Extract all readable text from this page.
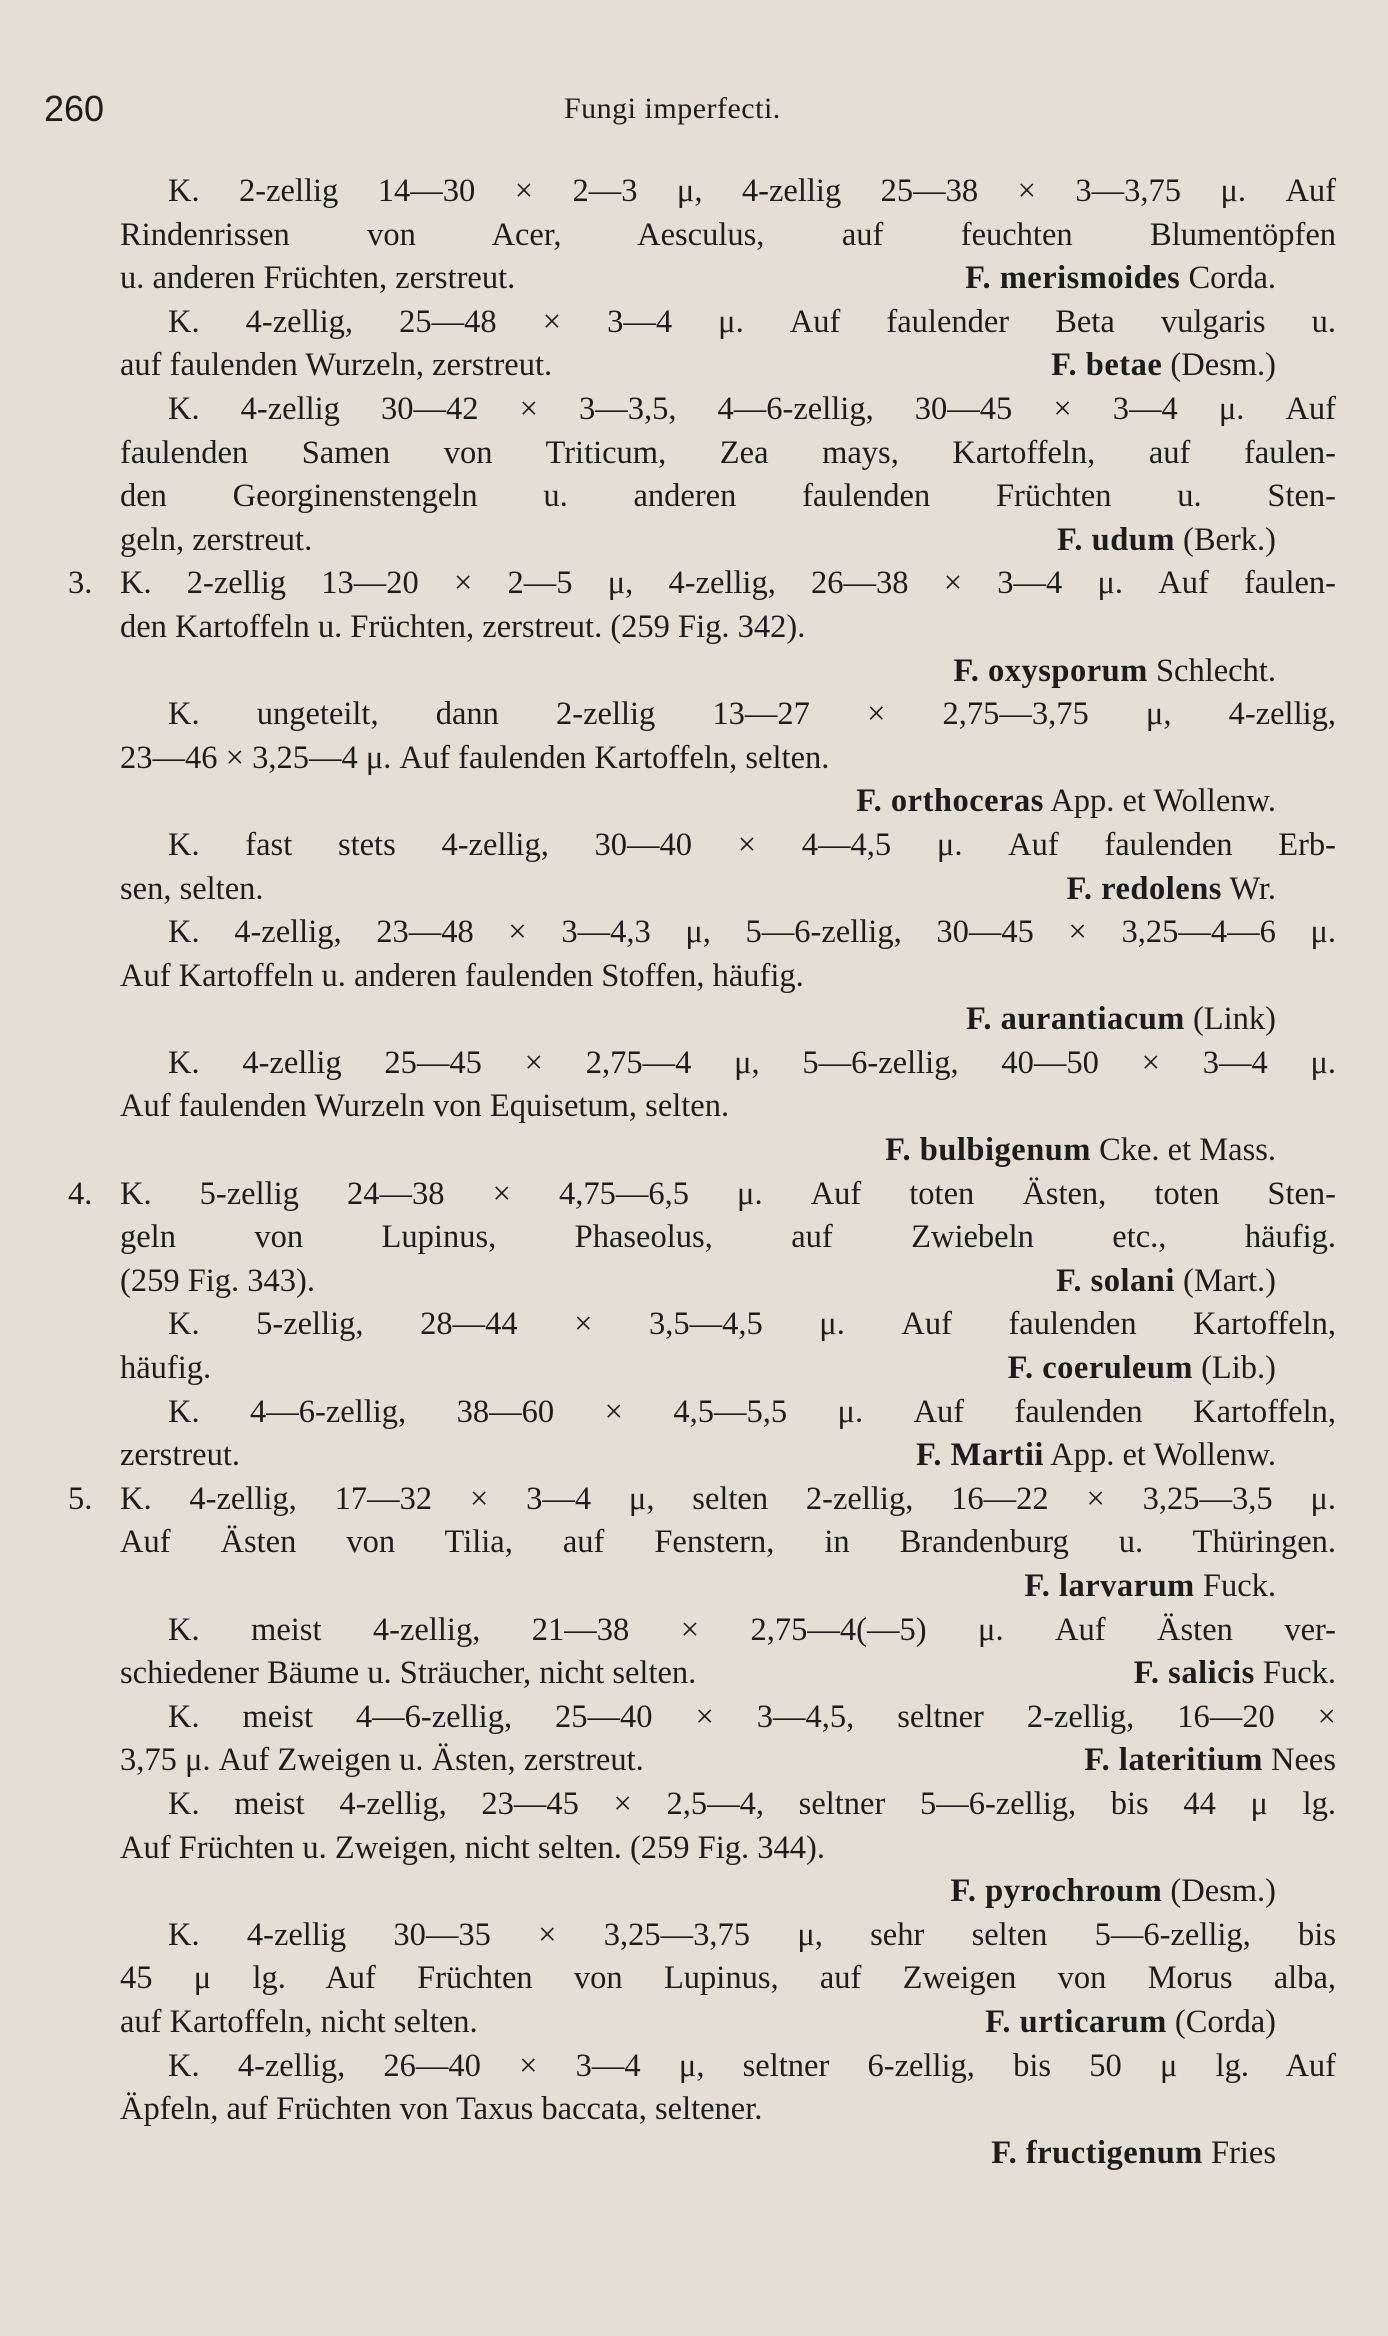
260	Fungi imperfecti.
K. 2-zellig 14—30 × 2—3 μ, 4-zellig 25—38 × 3—3,75 μ. Auf
Rindenrissen von Acer, Aesculus, auf feuchten Blumentöpfen
u. anderen Früchten, zerstreut.	F. merismoides Corda.
K. 4-zellig, 25—48 × 3—4 μ. Auf faulender Beta vulgaris u.
auf faulenden Wurzeln, zerstreut.	F. betae (Desm.)
K. 4-zellig 30—42 × 3—3,5, 4—6-zellig, 30—45 × 3—4 μ. Auf
faulenden Samen von Triticum, Zea mays, Kartoffeln, auf faulen-
den Georginenstengeln u. anderen faulenden Früchten u. Sten-
geln, zerstreut.	F. udum (Berk.)
3. K. 2-zellig 13—20 × 2—5 μ, 4-zellig, 26—38 × 3—4 μ. Auf faulen-
den Kartoffeln u. Früchten, zerstreut. (259 Fig. 342).
F. oxysporum Schlecht.
K. ungeteilt, dann 2-zellig 13—27 × 2,75—3,75 μ, 4-zellig,
23—46 × 3,25—4 μ. Auf faulenden Kartoffeln, selten.
F. orthoceras App. et Wollenw.
K. fast stets 4-zellig, 30—40 × 4—4,5 μ. Auf faulenden Erb-
sen, selten.	F. redolens Wr.
K. 4-zellig, 23—48 × 3—4,3 μ, 5—6-zellig, 30—45 × 3,25—4—6 μ.
Auf Kartoffeln u. anderen faulenden Stoffen, häufig.
F. aurantiacum (Link)
K. 4-zellig 25—45 × 2,75—4 μ, 5—6-zellig, 40—50 × 3—4 μ.
Auf faulenden Wurzeln von Equisetum, selten.
F. bulbigenum Cke. et Mass.
4. K. 5-zellig 24—38 × 4,75—6,5 μ. Auf toten Ästen, toten Sten-
geln von Lupinus, Phaseolus, auf Zwiebeln etc., häufig.
(259 Fig. 343).	F. solani (Mart.)
K. 5-zellig, 28—44 × 3,5—4,5 μ. Auf faulenden Kartoffeln,
häufig.	F. coeruleum (Lib.)
K. 4—6-zellig, 38—60 × 4,5—5,5 μ. Auf faulenden Kartoffeln,
zerstreut.	F. Martii App. et Wollenw.
5. K. 4-zellig, 17—32 × 3—4 μ, selten 2-zellig, 16—22 × 3,25—3,5 μ.
Auf Ästen von Tilia, auf Fenstern, in Brandenburg u. Thüringen.
F. larvarum Fuck.
K. meist 4-zellig, 21—38 × 2,75—4(—5) μ. Auf Ästen ver-
schiedener Bäume u. Sträucher, nicht selten.	F. salicis Fuck.
K. meist 4—6-zellig, 25—40 × 3—4,5, seltner 2-zellig, 16—20 ×
3,75 μ. Auf Zweigen u. Ästen, zerstreut.	F. lateritium Nees
K. meist 4-zellig, 23—45 × 2,5—4, seltner 5—6-zellig, bis 44 μ lg.
Auf Früchten u. Zweigen, nicht selten. (259 Fig. 344).
F. pyrochroum (Desm.)
K. 4-zellig 30—35 × 3,25—3,75 μ, sehr selten 5—6-zellig, bis
45 μ lg. Auf Früchten von Lupinus, auf Zweigen von Morus alba,
auf Kartoffeln, nicht selten.	F. urticarum (Corda)
K. 4-zellig, 26—40 × 3—4 μ, seltner 6-zellig, bis 50 μ lg. Auf
Äpfeln, auf Früchten von Taxus baccata, seltener.
F. fructigenum Fries
